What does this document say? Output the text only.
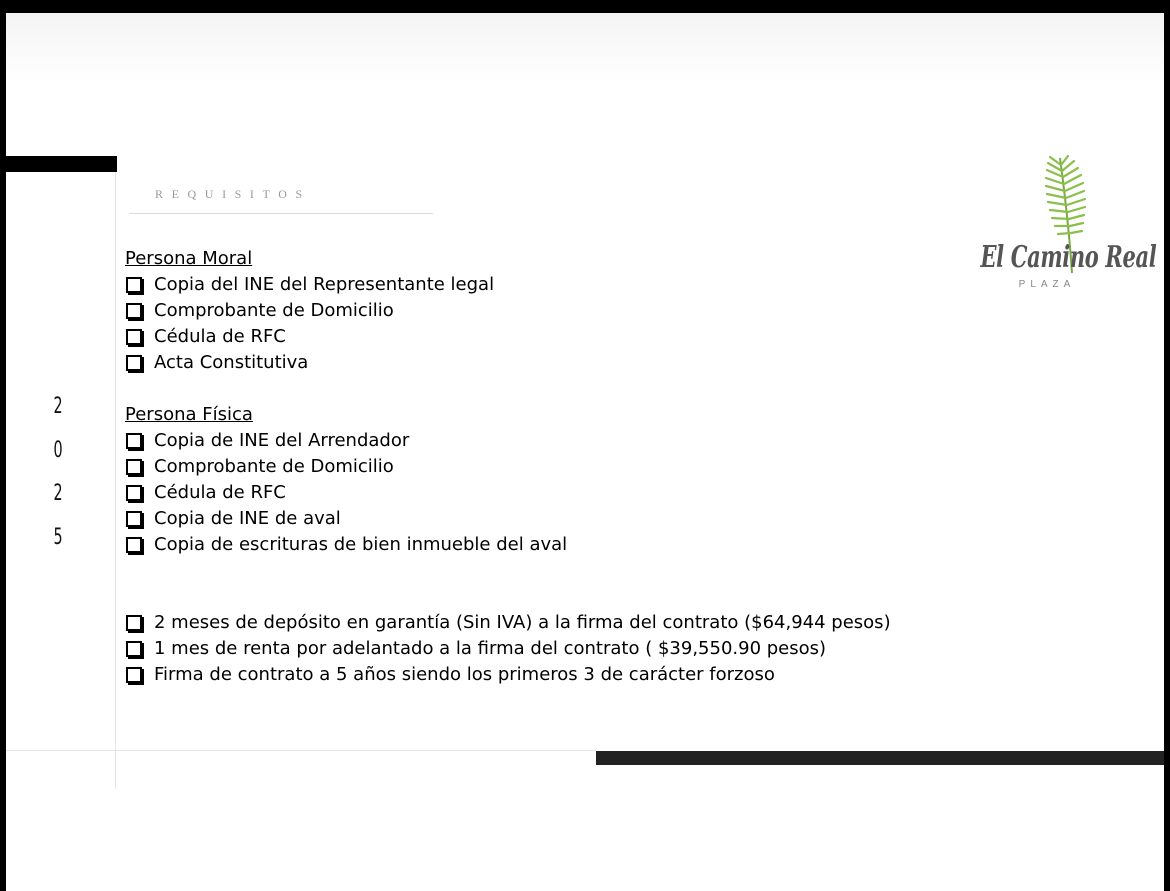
REQUISITOS
2
0
2
5
Persona Moral
Copia del INE del Representante legal
Comprobante de Domicilio
Cédula de RFC
Acta Constitutiva
Persona Física
Copia de INE del Arrendador
Comprobante de Domicilio
Cédula de RFC
Copia de INE de aval
Copia de escrituras de bien inmueble del aval
2 meses de depósito en garantía (Sin IVA) a la firma del contrato ($64,944 pesos)
1 mes de renta por adelantado a la firma del contrato ( $39,550.90 pesos)
Firma de contrato a 5 años siendo los primeros 3 de carácter forzoso
El Camino Real
PLAZA
